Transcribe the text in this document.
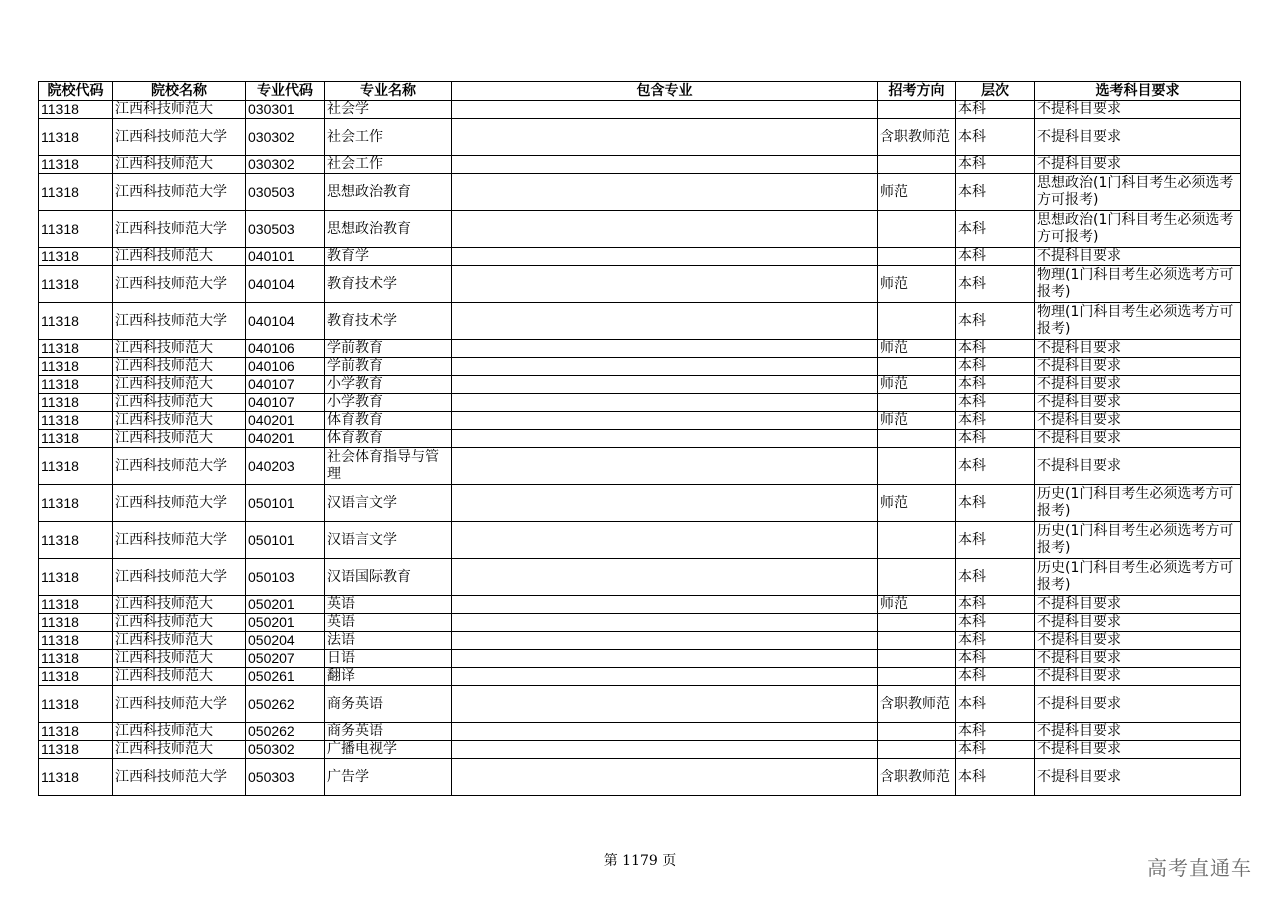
院校代码	院校名称	专业代码	专业名称	包含专业	招考方向	层次	选考科目要求
11318	江西科技师范大	030301	社会学			本科	不提科目要求
11318	江西科技师范大学	030302	社会工作		含职教师范	本科	不提科目要求
11318	江西科技师范大	030302	社会工作			本科	不提科目要求
11318	江西科技师范大学	030503	思想政治教育		师范	本科	思想政治(1门科目考生必须选考方可报考)
11318	江西科技师范大学	030503	思想政治教育			本科	思想政治(1门科目考生必须选考方可报考)
11318	江西科技师范大	040101	教育学			本科	不提科目要求
11318	江西科技师范大学	040104	教育技术学		师范	本科	物理(1门科目考生必须选考方可报考)
11318	江西科技师范大学	040104	教育技术学			本科	物理(1门科目考生必须选考方可报考)
11318	江西科技师范大	040106	学前教育		师范	本科	不提科目要求
11318	江西科技师范大	040106	学前教育			本科	不提科目要求
11318	江西科技师范大	040107	小学教育		师范	本科	不提科目要求
11318	江西科技师范大	040107	小学教育			本科	不提科目要求
11318	江西科技师范大	040201	体育教育		师范	本科	不提科目要求
11318	江西科技师范大	040201	体育教育			本科	不提科目要求
11318	江西科技师范大学	040203	社会体育指导与管理			本科	不提科目要求
11318	江西科技师范大学	050101	汉语言文学		师范	本科	历史(1门科目考生必须选考方可报考)
11318	江西科技师范大学	050101	汉语言文学			本科	历史(1门科目考生必须选考方可报考)
11318	江西科技师范大学	050103	汉语国际教育			本科	历史(1门科目考生必须选考方可报考)
11318	江西科技师范大	050201	英语		师范	本科	不提科目要求
11318	江西科技师范大	050201	英语			本科	不提科目要求
11318	江西科技师范大	050204	法语			本科	不提科目要求
11318	江西科技师范大	050207	日语			本科	不提科目要求
11318	江西科技师范大	050261	翻译			本科	不提科目要求
11318	江西科技师范大学	050262	商务英语		含职教师范	本科	不提科目要求
11318	江西科技师范大	050262	商务英语			本科	不提科目要求
11318	江西科技师范大	050302	广播电视学			本科	不提科目要求
11318	江西科技师范大学	050303	广告学		含职教师范	本科	不提科目要求
第 1179 页	高考直通车
